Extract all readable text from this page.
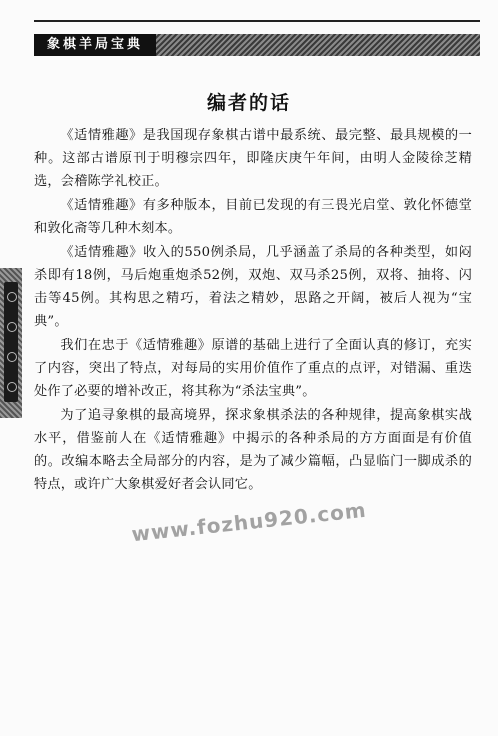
象棋羊局宝典
编者的话

《适情雅趣》是我国现存象棋古谱中最系统、最完整、最具规模的一种。这部古谱原刊于明穆宗四年，即隆庆庚午年间，由明人金陵徐芝精选，会稽陈学礼校正。

《适情雅趣》有多种版本，目前已发现的有三畏光启堂、敦化怀德堂和敦化斋等几种木刻本。

《适情雅趣》收入的550例杀局，几乎涵盖了杀局的各种类型，如闷杀即有18例，马后炮重炮杀52例，双炮、双马杀25例，双将、抽将、闪击等45例。其构思之精巧，着法之精妙，思路之开阔，被后人视为“宝典”。

我们在忠于《适情雅趣》原谱的基础上进行了全面认真的修订，充实了内容，突出了特点，对每局的实用价值作了重点的点评，对错漏、重迭处作了必要的增补改正，将其称为“杀法宝典”。

为了追寻象棋的最高境界，探求象棋杀法的各种规律，提高象棋实战水平，借鉴前人在《适情雅趣》中揭示的各种杀局的方方面面是有价值的。改编本略去全局部分的内容，是为了减少篇幅，凸显临门一脚成杀的特点，或许广大象棋爱好者会认同它。

www.fozhu920.com
